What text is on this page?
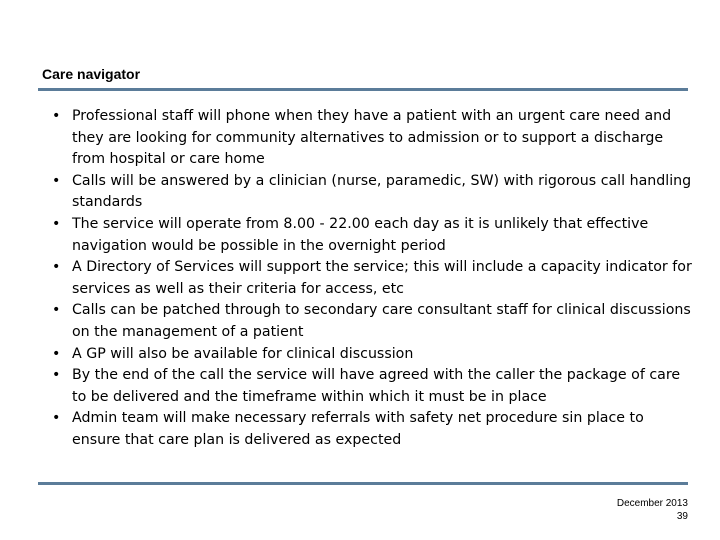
Care navigator
• Professional staff will phone when they have a patient with an urgent care need and they are looking for community alternatives to admission or to support a discharge from hospital or care home
• Calls will be answered by a clinician (nurse, paramedic, SW) with rigorous call handling standards
• The service will operate from 8.00 - 22.00 each day as it is unlikely that effective navigation would be possible in the overnight period
• A Directory of Services will support the service; this will include a capacity indicator for services as well as their criteria for access, etc
• Calls can be patched through to secondary care consultant staff for clinical discussions on the management of a patient
• A GP will also be available for clinical discussion
• By the end of the call the service will have agreed with the caller the package of care to be delivered and the timeframe within which it must be in place
• Admin team will make necessary referrals with safety net procedure sin place to ensure that care plan is delivered as expected
December 2013
39
